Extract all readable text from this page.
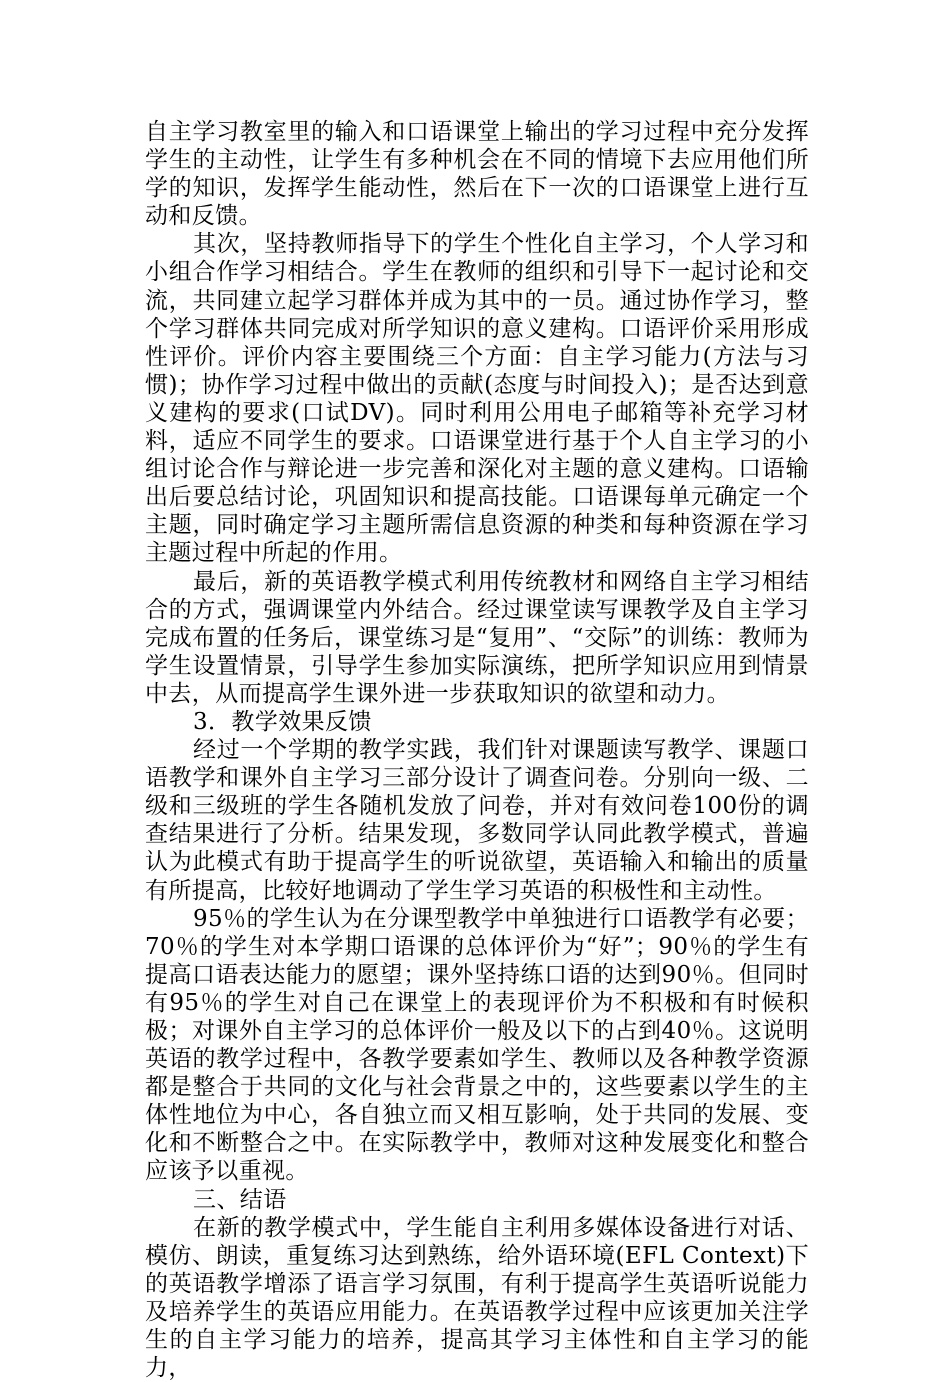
自主学习教室里的输入和口语课堂上输出的学习过程中充分发挥学生的主动性，让学生有多种机会在不同的情境下去应用他们所学的知识，发挥学生能动性，然后在下一次的口语课堂上进行互动和反馈。

其次，坚持教师指导下的学生个性化自主学习，个人学习和小组合作学习相结合。学生在教师的组织和引导下一起讨论和交流，共同建立起学习群体并成为其中的一员。通过协作学习，整个学习群体共同完成对所学知识的意义建构。口语评价采用形成性评价。评价内容主要围绕三个方面：自主学习能力(方法与习惯)；协作学习过程中做出的贡献(态度与时间投入)；是否达到意义建构的要求(口试DV)。同时利用公用电子邮箱等补充学习材料，适应不同学生的要求。口语课堂进行基于个人自主学习的小组讨论合作与辩论进一步完善和深化对主题的意义建构。口语输出后要总结讨论，巩固知识和提高技能。口语课每单元确定一个主题，同时确定学习主题所需信息资源的种类和每种资源在学习主题过程中所起的作用。

最后，新的英语教学模式利用传统教材和网络自主学习相结合的方式，强调课堂内外结合。经过课堂读写课教学及自主学习完成布置的任务后，课堂练习是“复用”、“交际”的训练：教师为学生设置情景，引导学生参加实际演练，把所学知识应用到情景中去，从而提高学生课外进一步获取知识的欲望和动力。

3．教学效果反馈

经过一个学期的教学实践，我们针对课题读写教学、课题口语教学和课外自主学习三部分设计了调查问卷。分别向一级、二级和三级班的学生各随机发放了问卷，并对有效问卷100份的调查结果进行了分析。结果发现，多数同学认同此教学模式，普遍认为此模式有助于提高学生的听说欲望，英语输入和输出的质量有所提高，比较好地调动了学生学习英语的积极性和主动性。

95％的学生认为在分课型教学中单独进行口语教学有必要；70％的学生对本学期口语课的总体评价为“好”；90％的学生有提高口语表达能力的愿望；课外坚持练口语的达到90％。但同时有95％的学生对自己在课堂上的表现评价为不积极和有时候积极；对课外自主学习的总体评价一般及以下的占到40％。这说明英语的教学过程中，各教学要素如学生、教师以及各种教学资源都是整合于共同的文化与社会背景之中的，这些要素以学生的主体性地位为中心，各自独立而又相互影响，处于共同的发展、变化和不断整合之中。在实际教学中，教师对这种发展变化和整合应该予以重视。

三、结语

在新的教学模式中，学生能自主利用多媒体设备进行对话、模仿、朗读，重复练习达到熟练，给外语环境(EFL Context)下的英语教学增添了语言学习氛围，有利于提高学生英语听说能力及培养学生的英语应用能力。在英语教学过程中应该更加关注学生的自主学习能力的培养，提高其学习主体性和自主学习的能力，
